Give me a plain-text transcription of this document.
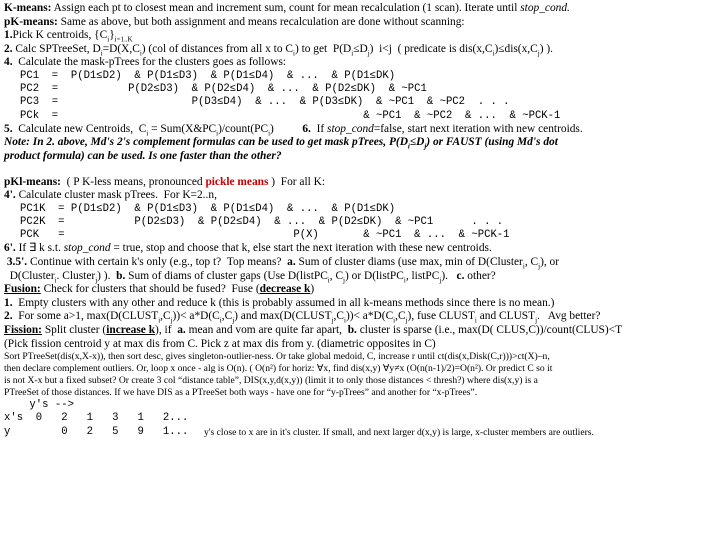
K-means: Assign each pt to closest mean and increment sum, count for mean recalculation (1 scan). Iterate until stop_cond.
pK-means: Same as above, but both assignment and means recalculation are done without scanning:
1.Pick K centroids, $\{C_i\}_{i=1..K}$
2. Calc SPTreeSet, $D_i=D(X,C_i)$ (col of distances from all x to $C_i$) to get  $P(D_i\le D_j)$  i<j  ( predicate is $dis(x,C_i)\le dis(x,C_j)$ ).
4.  Calculate the mask-pTrees for the clusters goes as follows:
PC1  =  P(D1≤D2)  & P(D1≤D3)  & P(D1≤D4)  & ...  & P(D1≤DK)
PC2  =           P(D2≤D3)  & P(D2≤D4)  & ...  & P(D2≤DK)  & ~PC1
PC3  =                     P(D3≤D4)  & ...  & P(D3≤DK)  & ~PC1  & ~PC2  . . .
PCk  =                                                & ~PC1  & ~PC2  & ...  & ~PCK-1
5.  Calculate new Centroids,  $C_i$ = $Sum(X\&PC_i)/count(PC_i)$          6.  If stop_cond=false, start next iteration with new centroids.
Note: In 2. above, Md's 2's complement formulas can be used to get mask pTrees, $P(D_i\le D_j)$ or FAUST (using Md's dot
product formula) can be used. Is one faster than the other?
pKl-means:  ( P K-less means, pronounced pickle means )  For all K:
4'. Calculate cluster mask pTrees.  For K=2..n,
PC1K  = P(D1≤D2)  & P(D1≤D3)  & P(D1≤D4)  & ...  & P(D1≤DK)
PC2K  =           P(D2≤D3)  & P(D2≤D4)  & ...  & P(D2≤DK)  & ~PC1      . . .
PCK   =                                    P(X)       & ~PC1  & ...  & ~PCK-1
6'. If ∃ k s.t. stop_cond = true, stop and choose that k, else start the next iteration with these new centroids.
3.5'. Continue with certain k's only (e.g., top t?  Top means?  a. Sum of cluster diams (use max, min of D(Cluster$_i$, $C_j$), or
D(Cluster$_i$. Cluster$_j$) ).  b. Sum of diams of cluster gaps (Use D(listPC$_i$, $C_j$) or D(listPC$_i$, listPC$_j$).   c. other?
Fusion: Check for clusters that should be fused?  Fuse (decrease k)
1.  Empty clusters with any other and reduce k (this is probably assumed in all k-means methods since there is no mean.)
2.  For some a>1, $\max(D(CLUST_i,C_j))< a*D(C_i,C_j)$ and $\max(D(CLUST_j,C_i))< a*D(C_i,C_j)$, fuse $CLUST_i$ and $CLUST_j$.   Avg better?
Fission: Split cluster (increase k), if  a. mean and vom are quite far apart,  b. cluster is sparse (i.e., max(D( CLUS,C))/count(CLUS)<T
(Pick fission centroid y at max dis from C. Pick z at max dis from y. (diametric opposites in C)
Sort PTreeSet(dis(x,X-x)), then sort desc, gives singleton-outlier-ness. Or take global medoid, C, increase r until ct(dis(x,Disk(C,r)))>ct(X)–n,
then declare complement outliers. Or, loop x once - alg is O(n). ( O(n²) for horiz: ∀x, find dis(x,y) ∀y≠x (O(n(n-1)/2)=O(n²). Or predict C so it
is not X-x but a fixed subset? Or create 3 col “distance table”, DIS(x,y,d(x,y)) (limit it to only those distances < thresh?) where dis(x,y) is a
PTreeSet of those distances. If we have DIS as a PTreeSet both ways - have one for “y-pTrees” and another for “x-pTrees”.
y's -->
x's  0   2   1   3   1   2...
y        0   2   5   9   1...	y's close to x are in it's cluster. If small, and next larger d(x,y) is large, x-cluster members are outliers.
